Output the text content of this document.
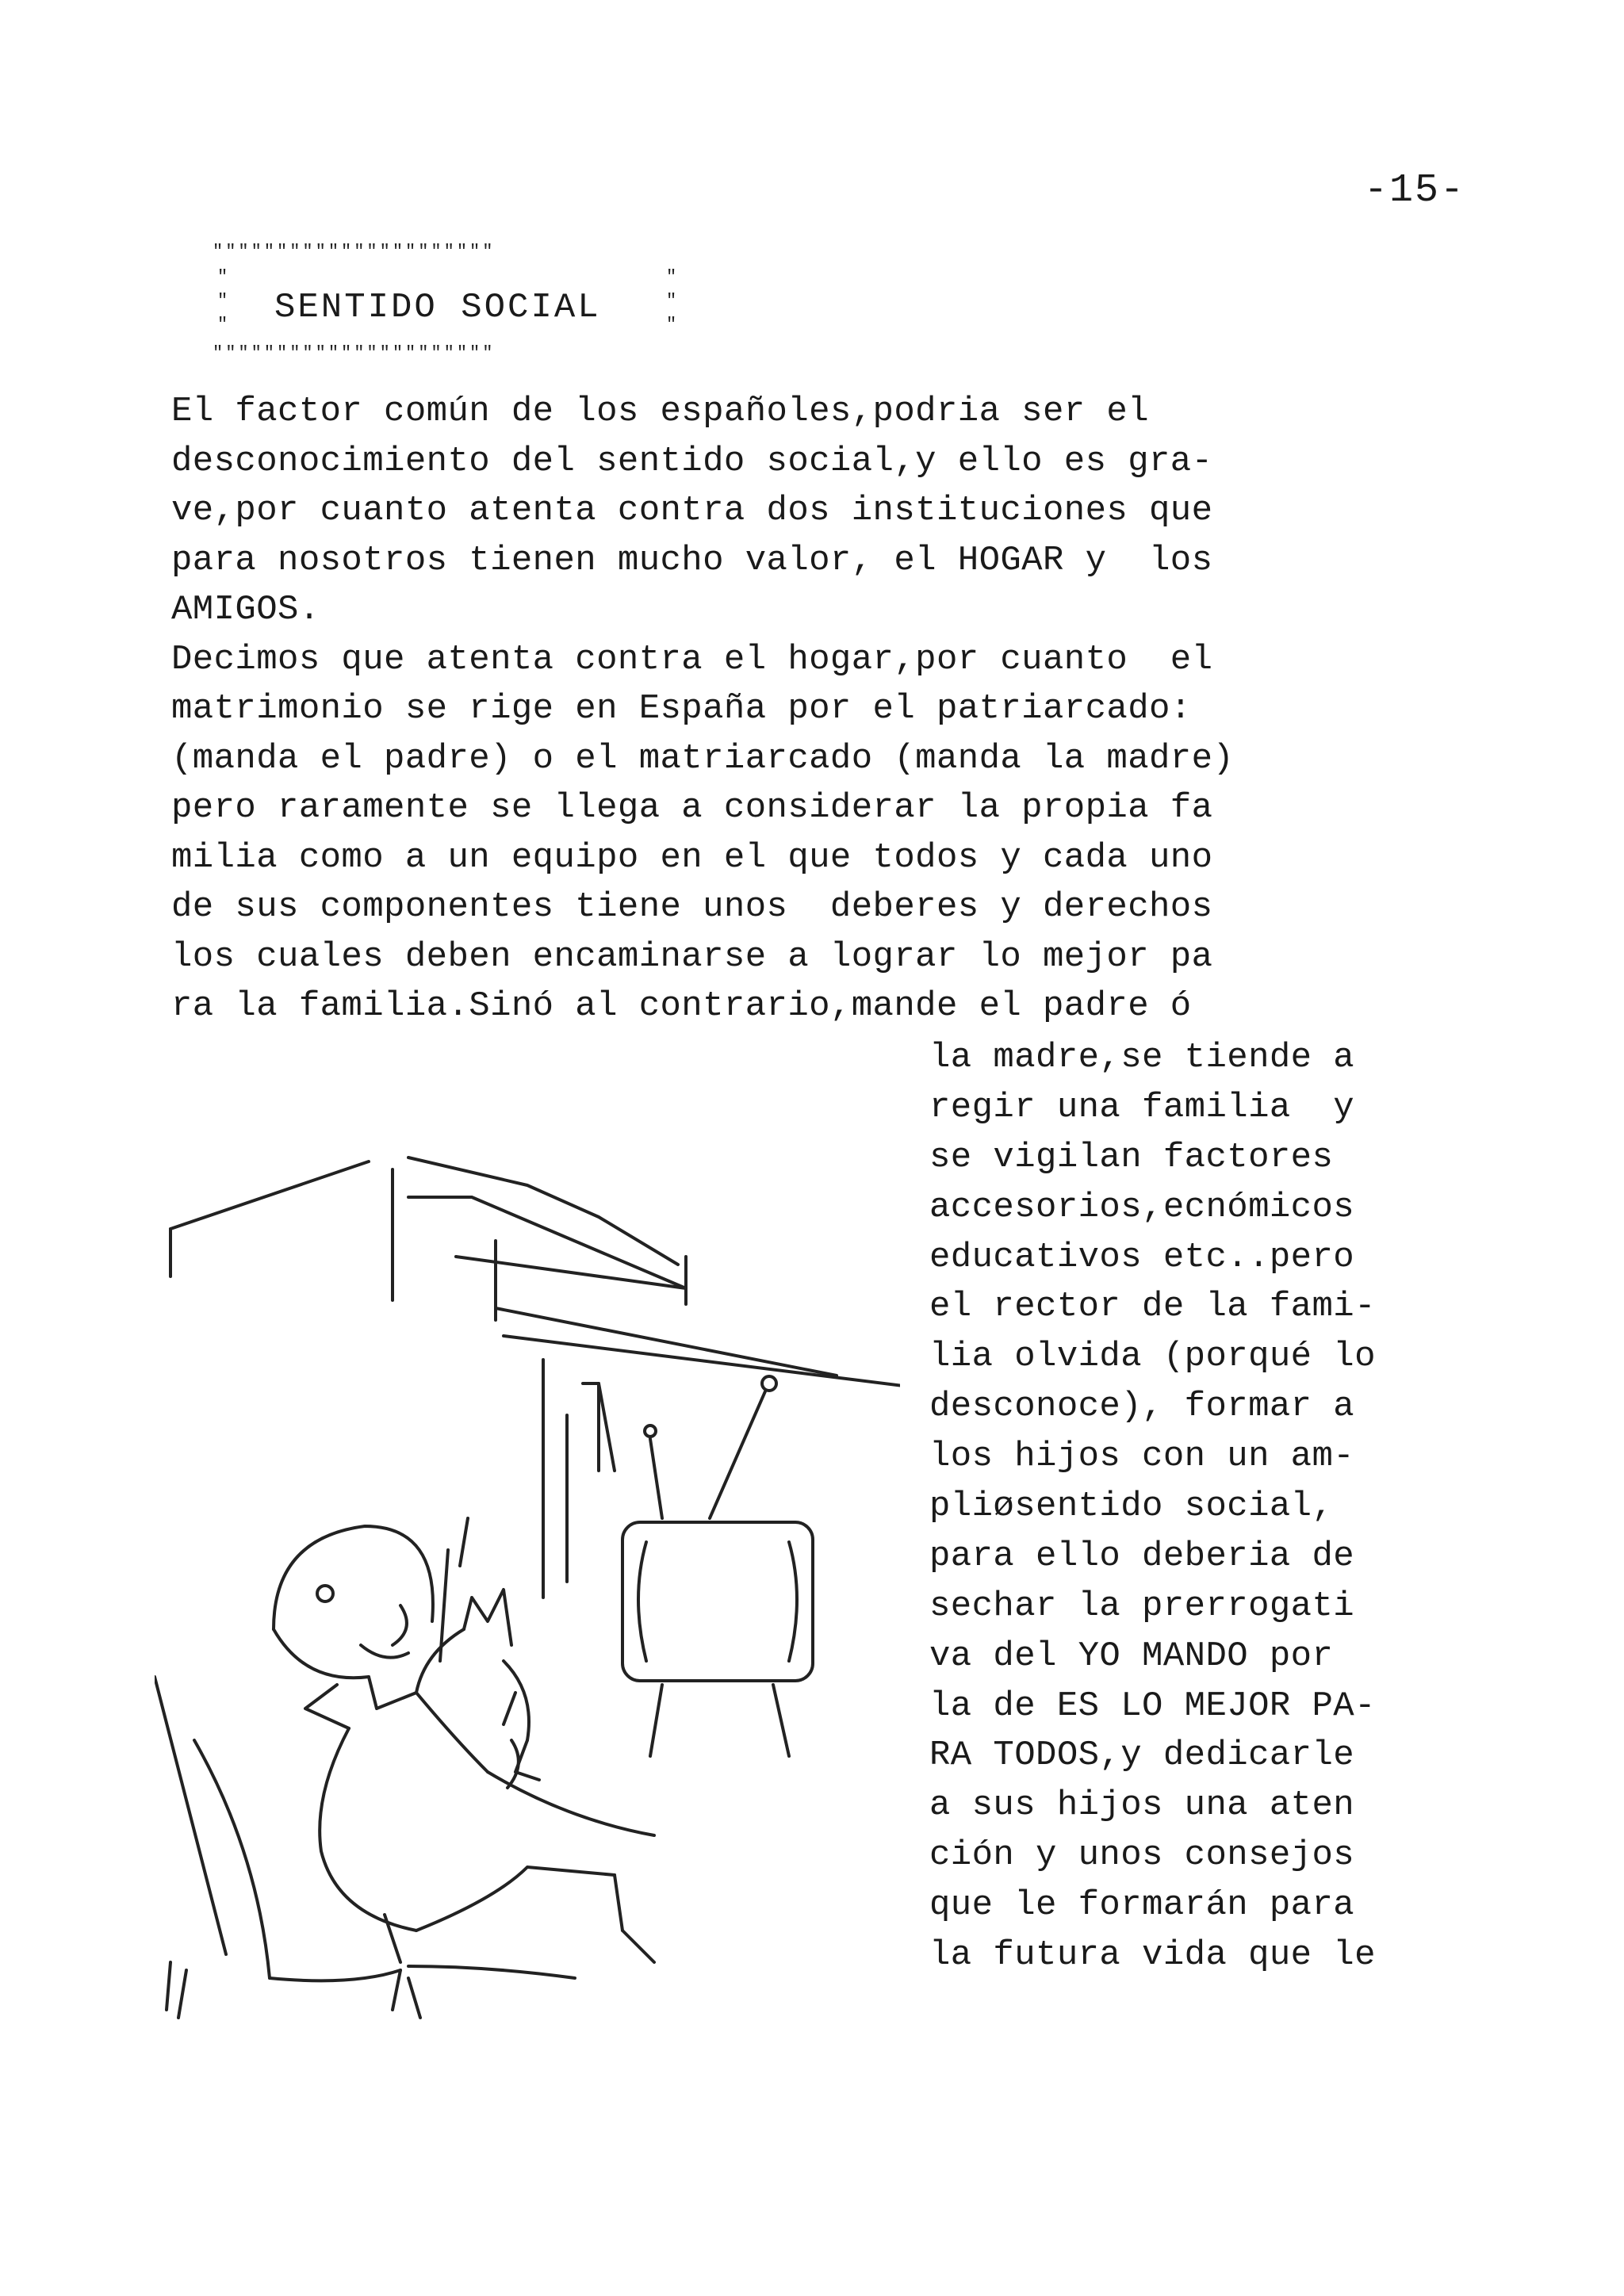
-15-
""""""""""""""""""""""
"
"
" SENTIDO SOCIAL
"
"
"
""""""""""""""""""""""
El factor común de los españoles,podria ser el
desconocimiento del sentido social,y ello es gra-
ve,por cuanto atenta contra dos instituciones que
para nosotros tienen mucho valor, el HOGAR y  los
AMIGOS.
Decimos que atenta contra el hogar,por cuanto  el
matrimonio se rige en España por el patriarcado:
(manda el padre) o el matriarcado (manda la madre)
pero raramente se llega a considerar la propia fa
milia como a un equipo en el que todos y cada uno
de sus componentes tiene unos  deberes y derechos
los cuales deben encaminarse a lograr lo mejor pa
ra la familia.Sinó al contrario,mande el padre ó
la madre,se tiende a
regir una familia  y
se vigilan factores
accesorios,ecnómicos
educativos etc..pero
el rector de la fami-
lia olvida (porqué lo
desconoce), formar a
los hijos con un am-
pliøsentido social,
para ello deberia de
sechar la prerrogati
va del YO MANDO por
la de ES LO MEJOR PA-
RA TODOS,y dedicarle
a sus hijos una aten
ción y unos consejos
que le formarán para
la futura vida que le
